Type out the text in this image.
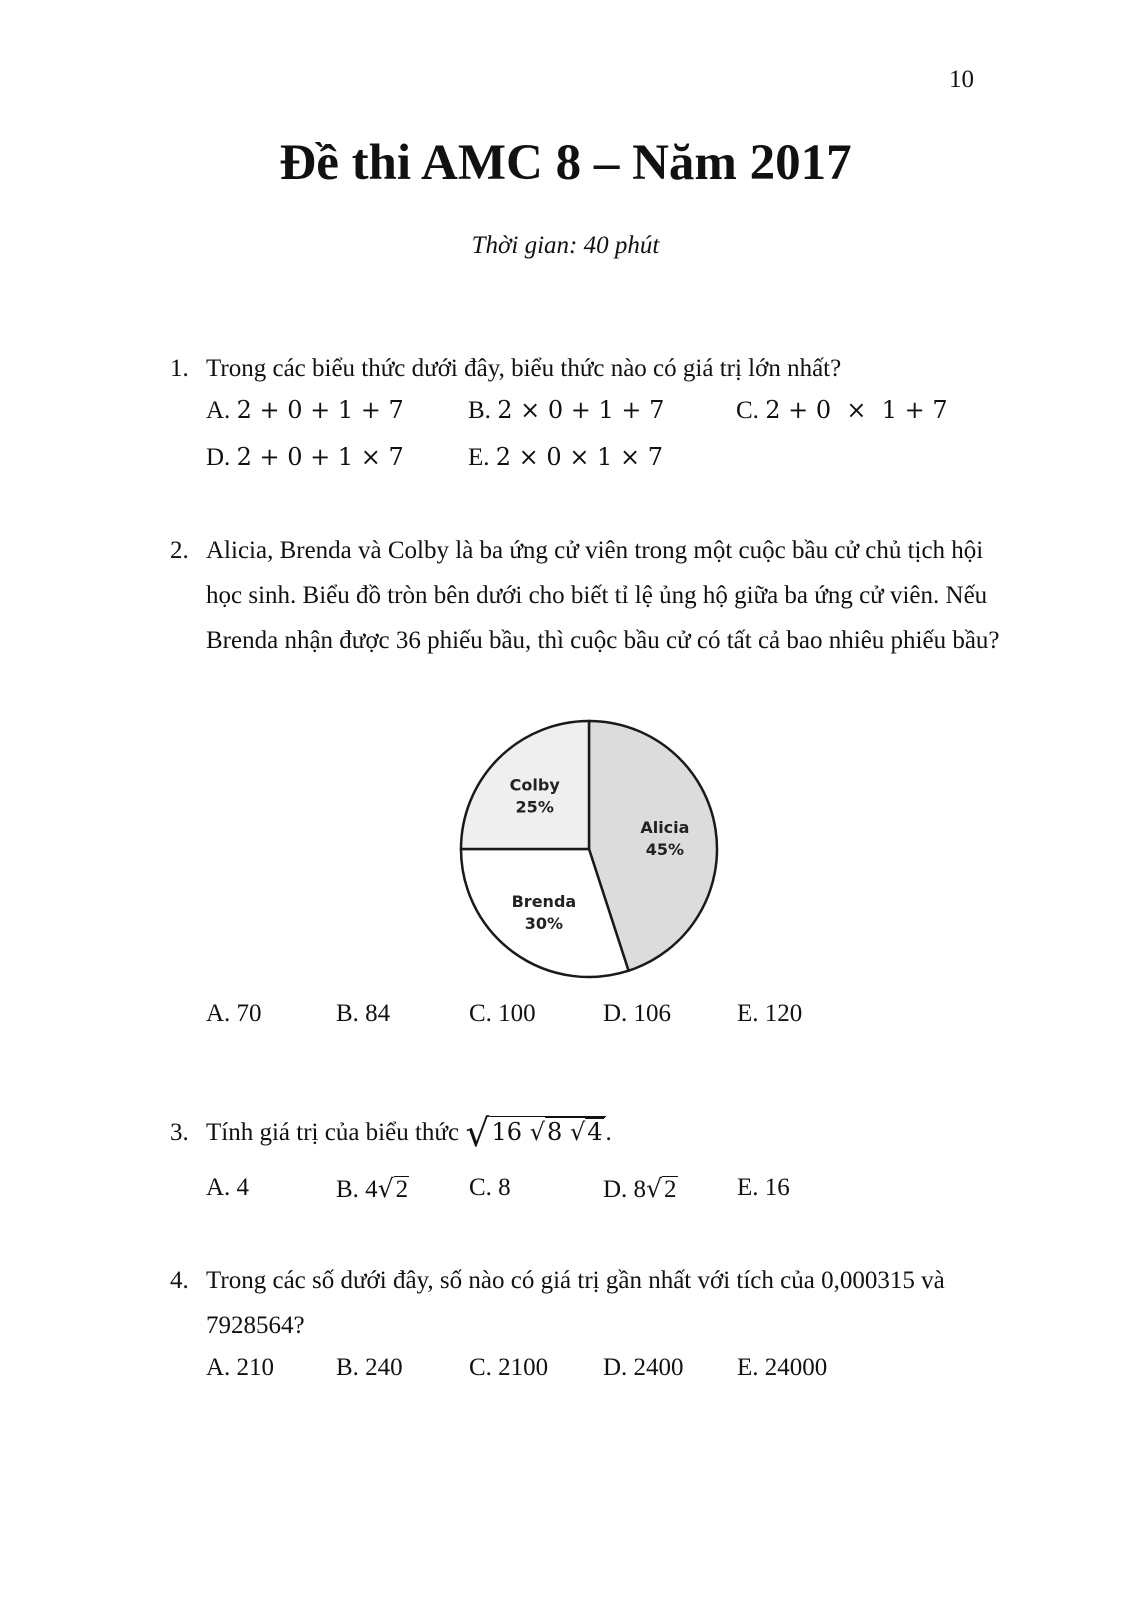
10
Đề thi AMC 8 – Năm 2017
Thời gian: 40 phút
1. Trong các biểu thức dưới đây, biểu thức nào có giá trị lớn nhất?
A. 2 + 0 + 1 + 7	B. 2 × 0 + 1 + 7	C. 2 + 0  ×  1 + 7
D. 2 + 0 + 1 × 7	E. 2 × 0 × 1 × 7
2. Alicia, Brenda và Colby là ba ứng cử viên trong một cuộc bầu cử chủ tịch hội học sinh. Biểu đồ tròn bên dưới cho biết tỉ lệ ủng hộ giữa ba ứng cử viên. Nếu Brenda nhận được 36 phiếu bầu, thì cuộc bầu cử có tất cả bao nhiêu phiếu bầu?
Alicia
45%
Brenda
30%
Colby
25%
A. 70	B. 84	C. 100	D. 106	E. 120
3. Tính giá trị của biểu thức √16 √8 √4 .
A. 4	B. 4√2 C. 8	D. 8√2 E. 16
4. Trong các số dưới đây, số nào có giá trị gần nhất với tích của 0,000315 và 7928564?
A. 210 B. 240	C. 2100 D. 2400 E. 24000
